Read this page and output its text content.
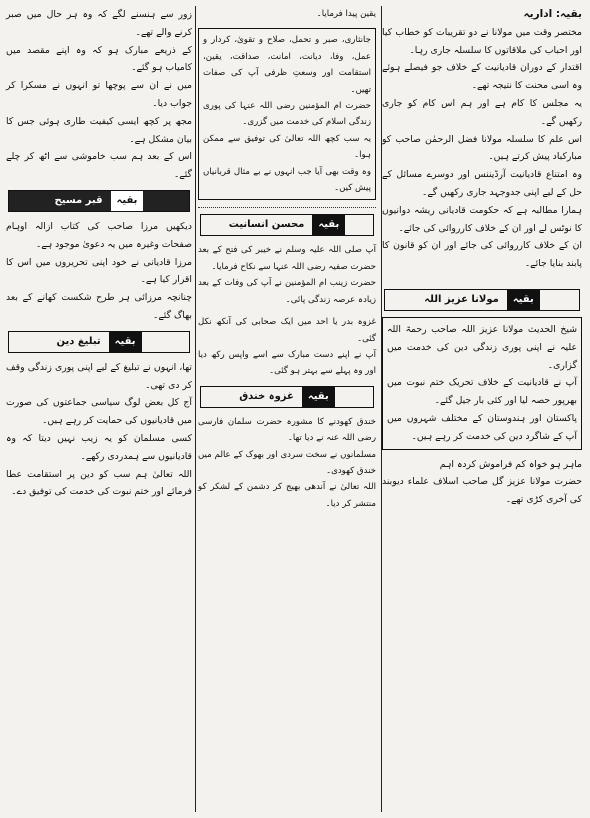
بقیہ: اداریہ

مختصر وقت میں مولانا نے دو تقریبات کو خطاب کیا اور احباب کی ملاقاتوں کا سلسلہ جاری رہا۔

اقتدار کے دوران قادیانیت کے خلاف جو فیصلے ہوئے وہ اسی محنت کا نتیجہ تھے۔

یہ مجلس کا کام ہے اور ہم اس کام کو جاری رکھیں گے۔

اس علم کا سلسلہ مولانا فضل الرحمٰن صاحب کو مبارکباد پیش کرتے ہیں۔

وہ امتناع قادیانیت آرڈیننس اور دوسرے مسائل کے حل کے لیے اپنی جدوجہد جاری رکھیں گے۔

ہمارا مطالبہ ہے کہ حکومت قادیانی ریشہ دوانیوں کا نوٹس لے اور ان کے خلاف کارروائی کی جائے۔

ان کے خلاف کارروائی کی جائے اور ان کو قانون کا پابند بنایا جائے۔

بقیہ
مولانا عزیز اللہ

شیخ الحدیث مولانا عزیز اللہ صاحب رحمۃ اللہ علیہ نے اپنی پوری زندگی دین کی خدمت میں گزاری۔

آپ نے قادیانیت کے خلاف تحریک ختم نبوت میں بھرپور حصہ لیا اور کئی بار جیل گئے۔

پاکستان اور ہندوستان کے مختلف شہروں میں آپ کے شاگرد دین کی خدمت کر رہے ہیں۔

ماہر ہو خواہ کم فراموش کردہ اہم

حضرت مولانا عزیز گل صاحب اسلاف علماء دیوبند کی آخری کڑی تھے۔

یقین پیدا فرمایا۔

جانثاری، صبر و تحمل، صلاح و تقویٰ، کردار و عمل، وفا، دیانت، امانت، صداقت، یقین، استقامت اور وسعتِ ظرفی آپ کی صفات تھیں۔

حضرت ام المؤمنین رضی اللہ عنہا کی پوری زندگی اسلام کی خدمت میں گزری۔

یہ سب کچھ اللہ تعالیٰ کی توفیق سے ممکن ہوا۔

وہ وقت بھی آیا جب انہوں نے بے مثال قربانیاں پیش کیں۔

بقیہ
محسن انسانیت

آپ صلی اللہ علیہ وسلم نے خیبر کی فتح کے بعد حضرت صفیہ رضی اللہ عنہا سے نکاح فرمایا۔

حضرت زینب ام المؤمنین نے آپ کی وفات کے بعد زیادہ عرصہ زندگی پائی۔

غزوہ بدر یا احد میں ایک صحابی کی آنکھ نکل گئی۔

آپ نے اپنے دست مبارک سے اسے واپس رکھ دیا اور وہ پہلے سے بہتر ہو گئی۔

بقیہ
غزوہ خندق

خندق کھودنے کا مشورہ حضرت سلمان فارسی رضی اللہ عنہ نے دیا تھا۔

مسلمانوں نے سخت سردی اور بھوک کے عالم میں خندق کھودی۔

اللہ تعالیٰ نے آندھی بھیج کر دشمن کے لشکر کو منتشر کر دیا۔

زور سے ہنسنے لگے کہ وہ ہر حال میں صبر کرنے والے تھے۔

کے ذریعے مبارک ہو کہ وہ اپنے مقصد میں کامیاب ہو گئے۔

میں نے ان سے پوچھا تو انہوں نے مسکرا کر جواب دیا۔

مجھ پر کچھ ایسی کیفیت طاری ہوئی جس کا بیان مشکل ہے۔

اس کے بعد ہم سب خاموشی سے اٹھ کر چلے گئے۔

بقیہ
قبر مسیح

دیکھیں مرزا صاحب کی کتاب ازالہ اوہام صفحات وغیرہ میں یہ دعویٰ موجود ہے۔

مرزا قادیانی نے خود اپنی تحریروں میں اس کا اقرار کیا ہے۔

چنانچہ مرزائی ہر طرح شکست کھانے کے بعد بھاگ گئے۔

بقیہ
تبلیغ دین

تھا، انہوں نے تبلیغ کے لیے اپنی پوری زندگی وقف کر دی تھی۔

آج کل بعض لوگ سیاسی جماعتوں کی صورت میں قادیانیوں کی حمایت کر رہے ہیں۔

کسی مسلمان کو یہ زیب نہیں دیتا کہ وہ قادیانیوں سے ہمدردی رکھے۔

اللہ تعالیٰ ہم سب کو دین پر استقامت عطا فرمائے اور ختم نبوت کی خدمت کی توفیق دے۔
